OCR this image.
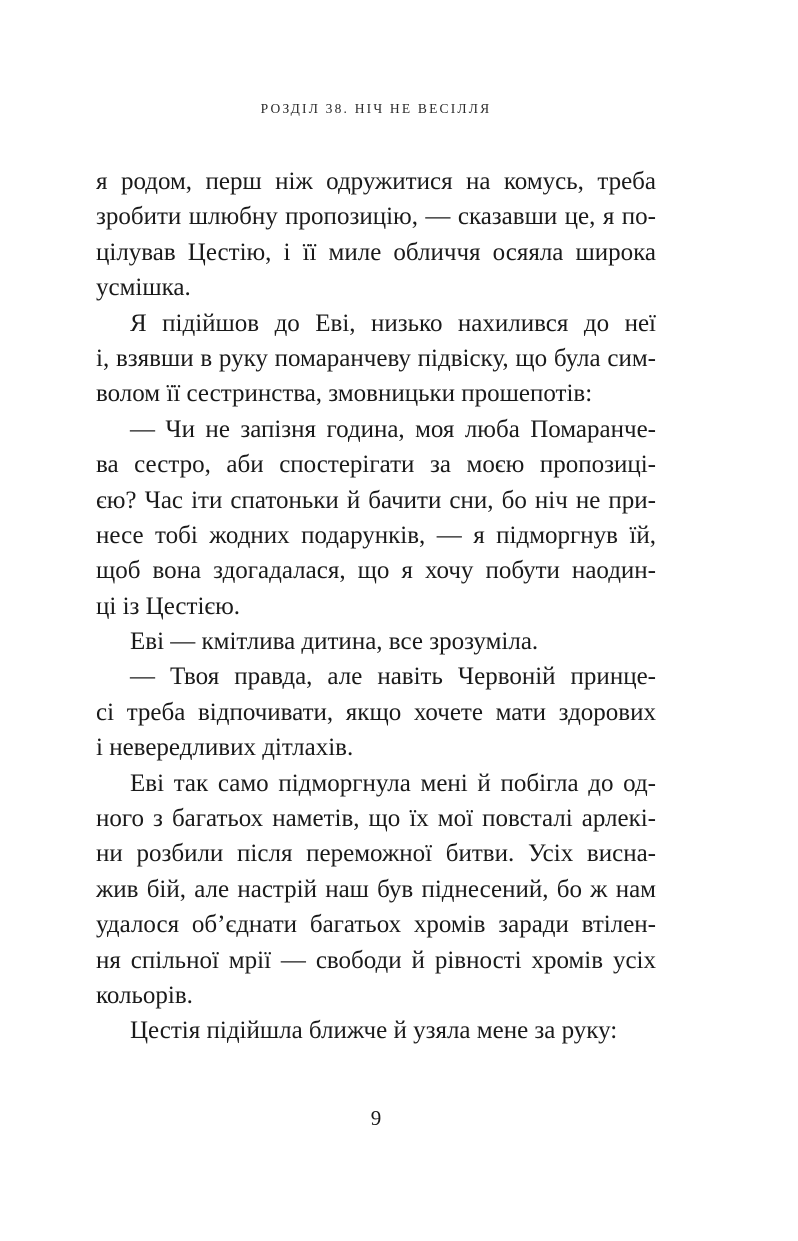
РОЗДІЛ 38. НІЧ НЕ ВЕСІЛЛЯ
я родом, перш ніж одружитися на комусь, треба
зробити шлюбну пропозицію, — сказавши це, я по-
цілував Цестію, і її миле обличчя осяяла широка
усмішка.
Я підійшов до Еві, низько нахилився до неї
і, взявши в руку помаранчеву підвіску, що була сим-
волом її сестринства, змовницьки прошепотів:
— Чи не запізня година, моя люба Помаранче-
ва сестро, аби спостерігати за моєю пропозиці-
єю? Час іти спатоньки й бачити сни, бо ніч не при-
несе тобі жодних подарунків, — я підморгнув їй,
щоб вона здогадалася, що я хочу побути наодин-
ці із Цестією.
Еві — кмітлива дитина, все зрозуміла.
— Твоя правда, але навіть Червоній принце-
сі треба відпочивати, якщо хочете мати здорових
і невередливих дітлахів.
Еві так само підморгнула мені й побігла до од-
ного з багатьох наметів, що їх мої повсталі арлекі-
ни розбили після переможної битви. Усіх висна-
жив бій, але настрій наш був піднесений, бо ж нам
удалося об’єднати багатьох хромів заради втілен-
ня спільної мрії — свободи й рівності хромів усіх
кольорів.
Цестія підійшла ближче й узяла мене за руку:
9
